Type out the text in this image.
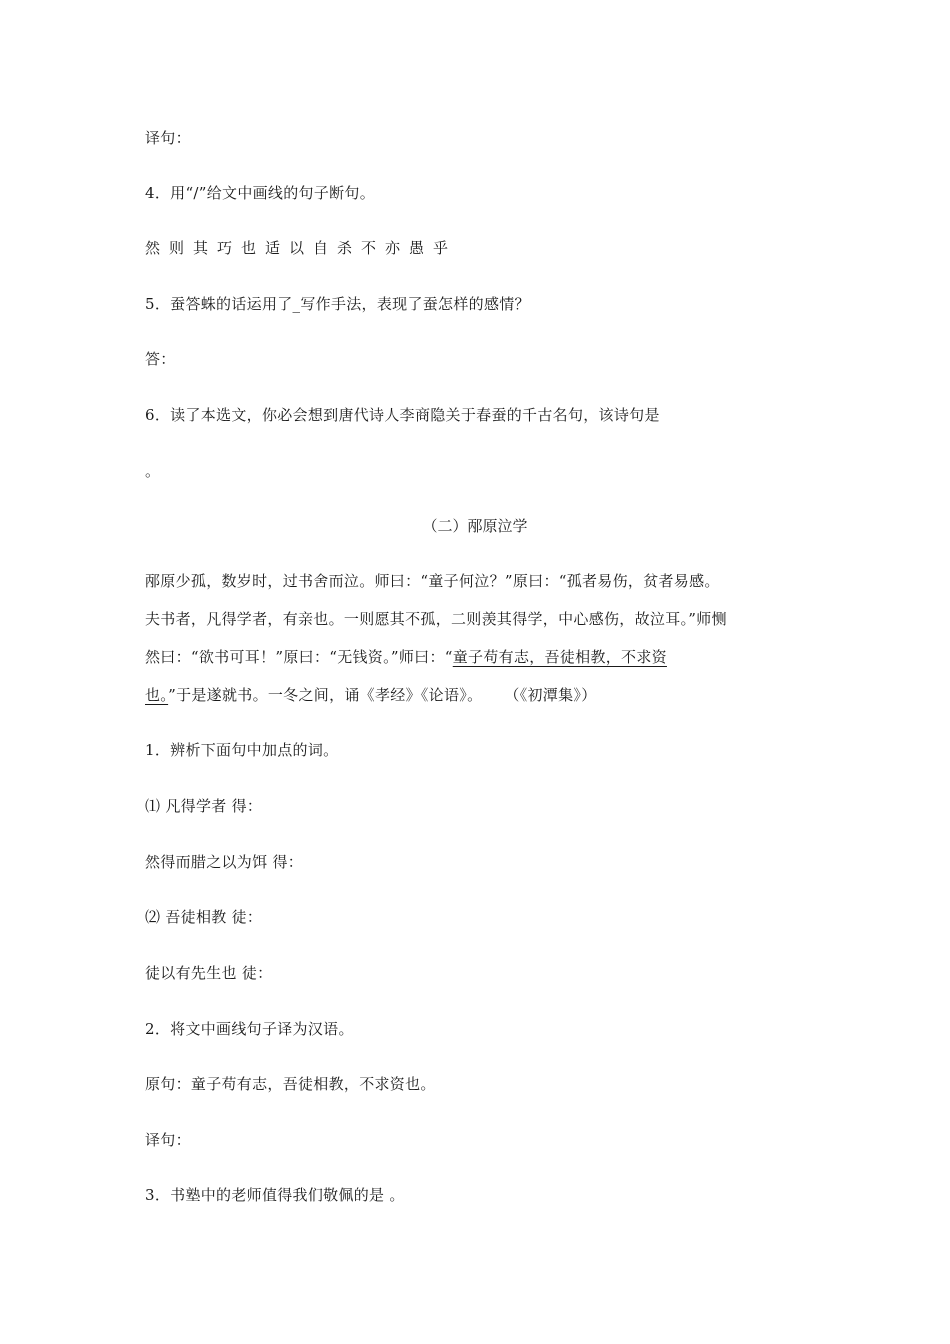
译句：
4．用“/”给文中画线的句子断句。
然则其巧也适以自杀不亦愚乎
5．蚕答蛛的话运用了_写作手法，表现了蚕怎样的感情？
答：
6．读了本选文，你必会想到唐代诗人李商隐关于春蚕的千古名句，该诗句是
。
（二）邴原泣学
邴原少孤，数岁时，过书舍而泣。师曰：“童子何泣？”原曰：“孤者易伤，贫者易感。
夫书者，凡得学者，有亲也。一则愿其不孤，二则羡其得学，中心感伤，故泣耳。”师恻
然曰：“欲书可耳！”原曰：“无钱资。”师曰：“童子苟有志，吾徒相教，不求资
也。”于是遂就书。一冬之间，诵《孝经》《论语》。 （《初潭集》）
1．辨析下面句中加点的词。
⑴ 凡得学者 得：
然得而腊之以为饵 得：
⑵ 吾徒相教 徒：
徒以有先生也 徒：
2．将文中画线句子译为汉语。
原句：童子苟有志，吾徒相教，不求资也。
译句：
3．书塾中的老师值得我们敬佩的是 。
